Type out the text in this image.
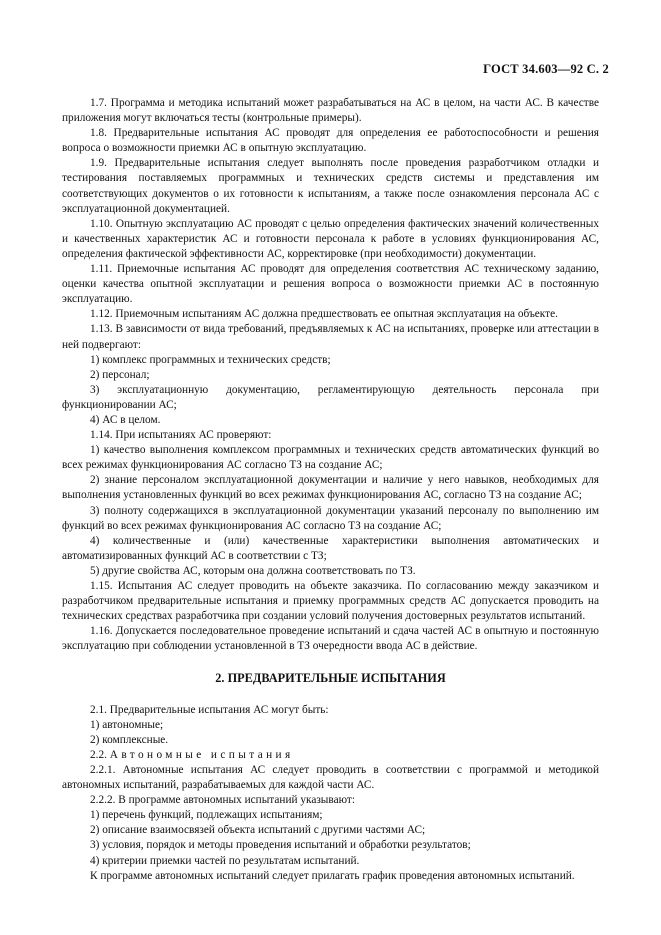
ГОСТ 34.603—92 С. 2

1.7. Программа и методика испытаний может разрабатываться на АС в целом, на части АС. В качестве приложения могут включаться тесты (контрольные примеры).

1.8. Предварительные испытания АС проводят для определения ее работоспособности и решения вопроса о возможности приемки АС в опытную эксплуатацию.

1.9. Предварительные испытания следует выполнять после проведения разработчиком отладки и тестирования поставляемых программных и технических средств системы и представления им соответствующих документов о их готовности к испытаниям, а также после ознакомления персонала АС с эксплуатационной документацией.

1.10. Опытную эксплуатацию АС проводят с целью определения фактических значений количественных и качественных характеристик АС и готовности персонала к работе в условиях функционирования АС, определения фактической эффективности АС, корректировке (при необходимости) документации.

1.11. Приемочные испытания АС проводят для определения соответствия АС техническому заданию, оценки качества опытной эксплуатации и решения вопроса о возможности приемки АС в постоянную эксплуатацию.

1.12. Приемочным испытаниям АС должна предшествовать ее опытная эксплуатация на объекте.

1.13. В зависимости от вида требований, предъявляемых к АС на испытаниях, проверке или аттестации в ней подвергают:

1) комплекс программных и технических средств;

2) персонал;

3) эксплуатационную документацию, регламентирующую деятельность персонала при функционировании АС;

4) АС в целом.

1.14. При испытаниях АС проверяют:

1) качество выполнения комплексом программных и технических средств автоматических функций во всех режимах функционирования АС согласно ТЗ на создание АС;

2) знание персоналом эксплуатационной документации и наличие у него навыков, необходимых для выполнения установленных функций во всех режимах функционирования АС, согласно ТЗ на создание АС;

3) полноту содержащихся в эксплуатационной документации указаний персоналу по выполнению им функций во всех режимах функционирования АС согласно ТЗ на создание АС;

4) количественные и (или) качественные характеристики выполнения автоматических и автоматизированных функций АС в соответствии с ТЗ;

5) другие свойства АС, которым она должна соответствовать по ТЗ.

1.15. Испытания АС следует проводить на объекте заказчика. По согласованию между заказчиком и разработчиком предварительные испытания и приемку программных средств АС допускается проводить на технических средствах разработчика при создании условий получения достоверных результатов испытаний.

1.16. Допускается последовательное проведение испытаний и сдача частей АС в опытную и постоянную эксплуатацию при соблюдении установленной в ТЗ очередности ввода АС в действие.

2. ПРЕДВАРИТЕЛЬНЫЕ ИСПЫТАНИЯ

2.1. Предварительные испытания АС могут быть:

1) автономные;

2) комплексные.

2.2. Автономные испытания

2.2.1. Автономные испытания АС следует проводить в соответствии с программой и методикой автономных испытаний, разрабатываемых для каждой части АС.

2.2.2. В программе автономных испытаний указывают:

1) перечень функций, подлежащих испытаниям;

2) описание взаимосвязей объекта испытаний с другими частями АС;

3) условия, порядок и методы проведения испытаний и обработки результатов;

4) критерии приемки частей по результатам испытаний.

К программе автономных испытаний следует прилагать график проведения автономных испытаний.
